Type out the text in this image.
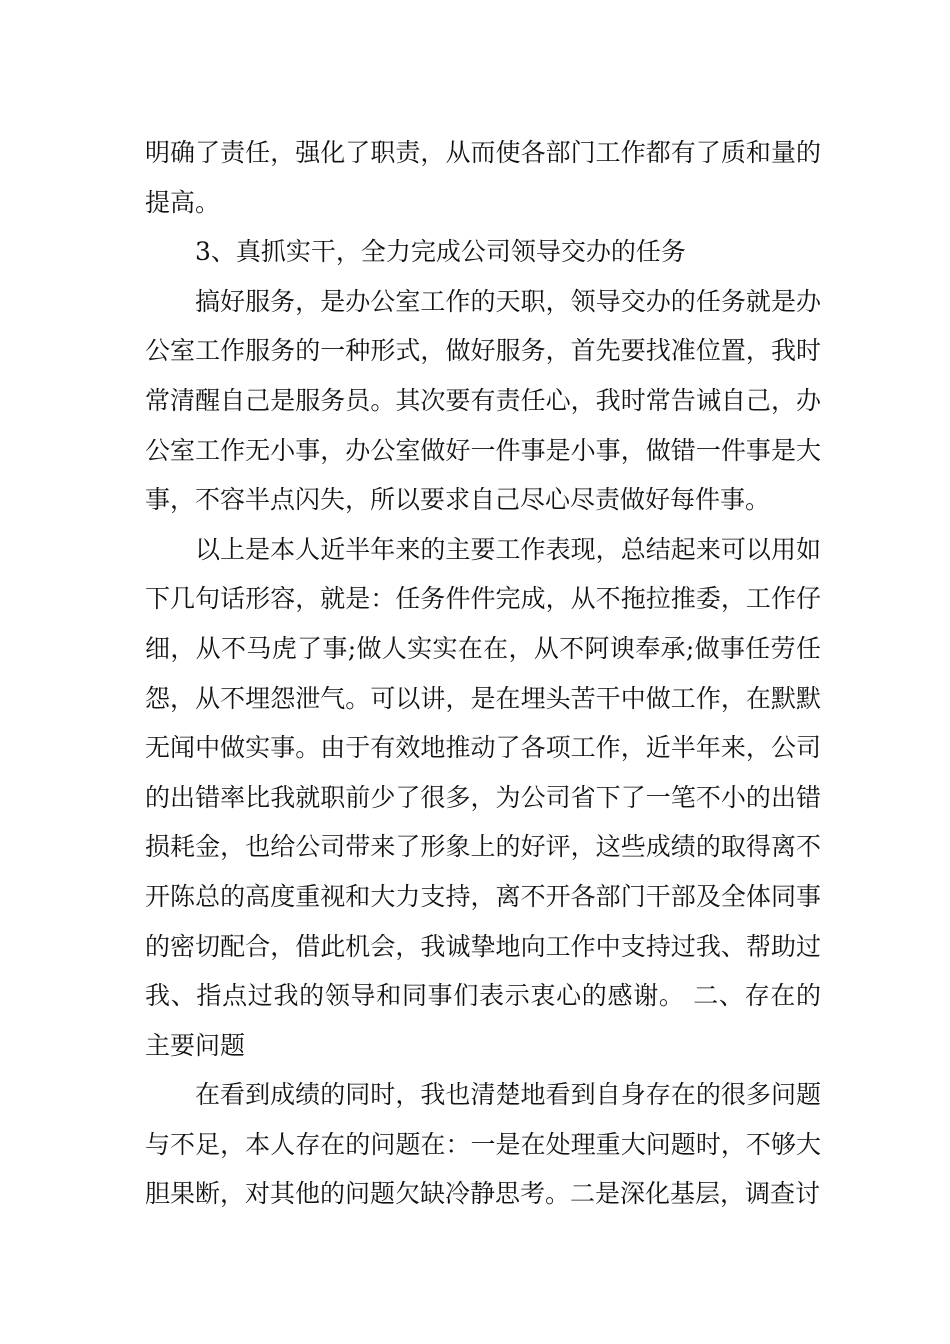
明确了责任，强化了职责，从而使各部门工作都有了质和量的提高。

3、真抓实干，全力完成公司领导交办的任务

搞好服务，是办公室工作的天职，领导交办的任务就是办公室工作服务的一种形式，做好服务，首先要找准位置，我时常清醒自己是服务员。其次要有责任心，我时常告诫自己，办公室工作无小事，办公室做好一件事是小事，做错一件事是大事，不容半点闪失，所以要求自己尽心尽责做好每件事。

以上是本人近半年来的主要工作表现，总结起来可以用如下几句话形容，就是：任务件件完成，从不拖拉推委，工作仔细，从不马虎了事;做人实实在在，从不阿谀奉承;做事任劳任怨，从不埋怨泄气。可以讲，是在埋头苦干中做工作，在默默无闻中做实事。由于有效地推动了各项工作，近半年来，公司的出错率比我就职前少了很多，为公司省下了一笔不小的出错损耗金，也给公司带来了形象上的好评，这些成绩的取得离不开陈总的高度重视和大力支持，离不开各部门干部及全体同事的密切配合，借此机会，我诚挚地向工作中支持过我、帮助过我、指点过我的领导和同事们表示衷心的感谢。 二、存在的主要问题

在看到成绩的同时，我也清楚地看到自身存在的很多问题与不足，本人存在的问题在：一是在处理重大问题时，不够大胆果断，对其他的问题欠缺冷静思考。二是深化基层，调查讨
